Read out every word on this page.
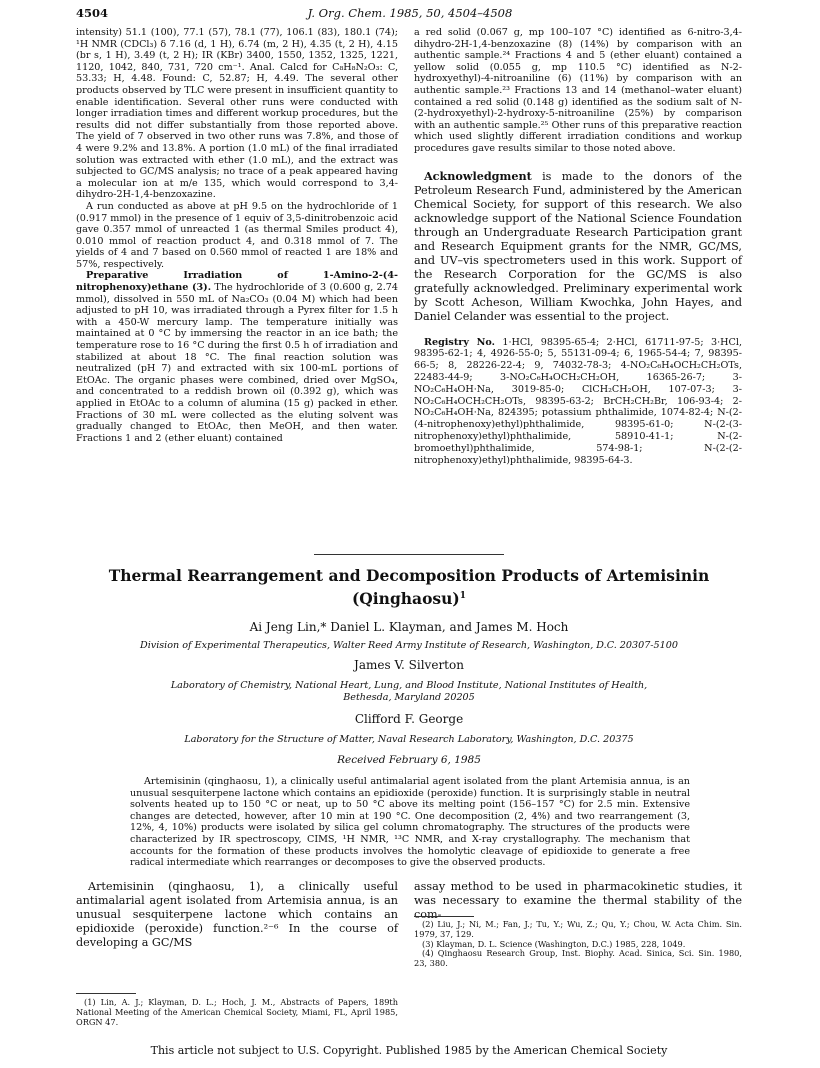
4504	J. Org. Chem. 1985, 50, 4504–4508

intensity) 51.1 (100), 77.1 (57), 78.1 (77), 106.1 (83), 180.1 (74); ¹H NMR (CDCl₃) δ 7.16 (d, 1 H), 6.74 (m, 2 H), 4.35 (t, 2 H), 4.15 (br s, 1 H), 3.49 (t, 2 H); IR (KBr) 3400, 1550, 1352, 1325, 1221, 1120, 1042, 840, 731, 720 cm⁻¹. Anal. Calcd for C₈H₈N₂O₃: C, 53.33; H, 4.48. Found: C, 52.87; H, 4.49. The several other products observed by TLC were present in insufficient quantity to enable identification. Several other runs were conducted with longer irradiation times and different workup procedures, but the results did not differ substantially from those reported above. The yield of 7 observed in two other runs was 7.8%, and those of 4 were 9.2% and 13.8%. A portion (1.0 mL) of the final irradiated solution was extracted with ether (1.0 mL), and the extract was subjected to GC/MS analysis; no trace of a peak appeared having a molecular ion at m/e 135, which would correspond to 3,4-dihydro-2H-1,4-benzoxazine.

A run conducted as above at pH 9.5 on the hydrochloride of 1 (0.917 mmol) in the presence of 1 equiv of 3,5-dinitrobenzoic acid gave 0.357 mmol of unreacted 1 (as thermal Smiles product 4), 0.010 mmol of reaction product 4, and 0.318 mmol of 7. The yields of 4 and 7 based on 0.560 mmol of reacted 1 are 18% and 57%, respectively.

Preparative Irradiation of 1-Amino-2-(4-nitrophenoxy)ethane (3). The hydrochloride of 3 (0.600 g, 2.74 mmol), dissolved in 550 mL of Na₂CO₃ (0.04 M) which had been adjusted to pH 10, was irradiated through a Pyrex filter for 1.5 h with a 450-W mercury lamp. The temperature initially was maintained at 0 °C by immersing the reactor in an ice bath; the temperature rose to 16 °C during the first 0.5 h of irradiation and stabilized at about 18 °C. The final reaction solution was neutralized (pH 7) and extracted with six 100-mL portions of EtOAc. The organic phases were combined, dried over MgSO₄, and concentrated to a reddish brown oil (0.392 g), which was applied in EtOAc to a column of alumina (15 g) packed in ether. Fractions of 30 mL were collected as the eluting solvent was gradually changed to EtOAc, then MeOH, and then water. Fractions 1 and 2 (ether eluant) contained

a red solid (0.067 g, mp 100–107 °C) identified as 6-nitro-3,4-dihydro-2H-1,4-benzoxazine (8) (14%) by comparison with an authentic sample.²⁴ Fractions 4 and 5 (ether eluant) contained a yellow solid (0.055 g, mp 110.5 °C) identified as N-2-hydroxyethyl)-4-nitroaniline (6) (11%) by comparison with an authentic sample.²³ Fractions 13 and 14 (methanol–water eluant) contained a red solid (0.148 g) identified as the sodium salt of N-(2-hydroxyethyl)-2-hydroxy-5-nitroaniline (25%) by comparison with an authentic sample.²⁵ Other runs of this preparative reaction which used slightly different irradiation conditions and workup procedures gave results similar to those noted above.

Acknowledgment is made to the donors of the Petroleum Research Fund, administered by the American Chemical Society, for support of this research. We also acknowledge support of the National Science Foundation through an Undergraduate Research Participation grant and Research Equipment grants for the NMR, GC/MS, and UV–vis spectrometers used in this work. Support of the Research Corporation for the GC/MS is also gratefully acknowledged. Preliminary experimental work by Scott Acheson, William Kwochka, John Hayes, and Daniel Celander was essential to the project.

Registry No. 1·HCl, 98395-65-4; 2·HCl, 61711-97-5; 3·HCl, 98395-62-1; 4, 4926-55-0; 5, 55131-09-4; 6, 1965-54-4; 7, 98395-66-5; 8, 28226-22-4; 9, 74032-78-3; 4-NO₂C₆H₄OCH₂CH₂OTs, 22483-44-9; 3-NO₂C₆H₄OCH₂CH₂OH, 16365-26-7; 3-NO₂C₆H₄OH·Na, 3019-85-0; ClCH₂CH₂OH, 107-07-3; 3-NO₂C₆H₄OCH₂CH₂OTs, 98395-63-2; BrCH₂CH₂Br, 106-93-4; 2-NO₂C₆H₄OH·Na, 824395; potassium phthalimide, 1074-82-4; N-(2-(4-nitrophenoxy)ethyl)phthalimide, 98395-61-0; N-(2-(3-nitrophenoxy)ethyl)phthalimide, 58910-41-1; N-(2-bromoethyl)phthalimide, 574-98-1; N-(2-(2-nitrophenoxy)ethyl)phthalimide, 98395-64-3.

Thermal Rearrangement and Decomposition Products of Artemisinin
(Qinghaosu)$^1$
Ai Jeng Lin,* Daniel L. Klayman, and James M. Hoch
Division of Experimental Therapeutics, Walter Reed Army Institute of Research, Washington, D.C. 20307-5100
James V. Silverton
Laboratory of Chemistry, National Heart, Lung, and Blood Institute, National Institutes of Health,
Bethesda, Maryland 20205
Clifford F. George
Laboratory for the Structure of Matter, Naval Research Laboratory, Washington, D.C. 20375
Received February 6, 1985

Artemisinin (qinghaosu, 1), a clinically useful antimalarial agent isolated from the plant Artemisia annua, is an unusual sesquiterpene lactone which contains an epidioxide (peroxide) function. It is surprisingly stable in neutral solvents heated up to 150 °C or neat, up to 50 °C above its melting point (156–157 °C) for 2.5 min. Extensive changes are detected, however, after 10 min at 190 °C. One decomposition (2, 4%) and two rearrangement (3, 12%, 4, 10%) products were isolated by silica gel column chromatography. The structures of the products were characterized by IR spectroscopy, CIMS, ¹H NMR, ¹³C NMR, and X-ray crystallography. The mechanism that accounts for the formation of these products involves the homolytic cleavage of epidioxide to generate a free radical intermediate which rearranges or decomposes to give the observed products.

Artemisinin (qinghaosu, 1), a clinically useful antimalarial agent isolated from Artemisia annua, is an unusual sesquiterpene lactone which contains an epidioxide (peroxide) function.²⁻⁶ In the course of developing a GC/MS

assay method to be used in pharmacokinetic studies, it was necessary to examine the thermal stability of the com-

(1) Lin, A. J.; Klayman, D. L.; Hoch, J. M., Abstracts of Papers, 189th National Meeting of the American Chemical Society, Miami, FL, April 1985, ORGN 47.

(2) Liu, J.; Ni, M.; Fan, J.; Tu, Y.; Wu, Z.; Qu, Y.; Chou, W. Acta Chim. Sin. 1979, 37, 129.

(3) Klayman, D. L. Science (Washington, D.C.) 1985, 228, 1049.

(4) Qinghaosu Research Group, Inst. Biophy. Acad. Sinica, Sci. Sin. 1980, 23, 380.

This article not subject to U.S. Copyright. Published 1985 by the American Chemical Society
